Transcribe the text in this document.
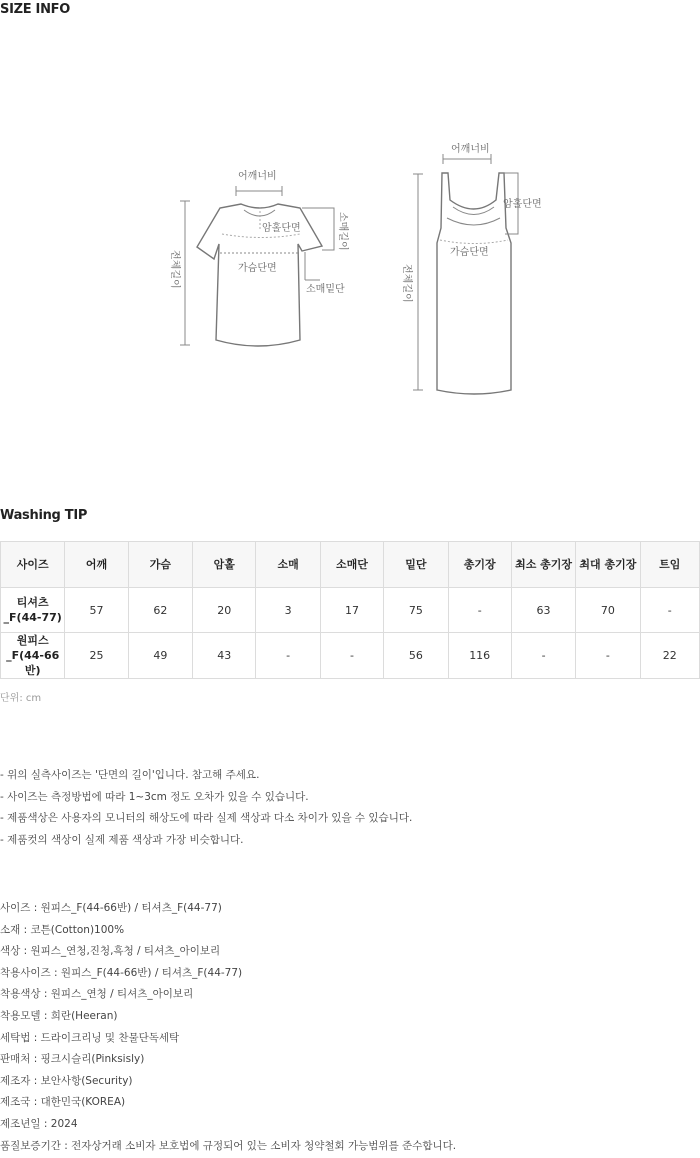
SIZE INFO
어깨너비
암홀단면
가슴단면
소매밑단
소매길이
전체길이
어깨너비
암홀단면
가슴단면
전체길이
Washing TIP
사이즈	어깨	가슴	암홀	소매	소매단	밑단	총기장	최소 총기장	최대 총기장	트임
티셔츠_F(44-77)	57	62	20	3	17	75	-	63	70	-
원피스_F(44-66반)	25	49	43	-	-	56	116	-	-	22
단위: cm
- 위의 실측사이즈는 '단면의 길이'입니다. 참고해 주세요.
- 사이즈는 측정방법에 따라 1~3cm 정도 오차가 있을 수 있습니다.
- 제품색상은 사용자의 모니터의 해상도에 따라 실제 색상과 다소 차이가 있을 수 있습니다.
- 제품컷의 색상이 실제 제품 색상과 가장 비슷합니다.
사이즈 : 원피스_F(44-66반) / 티셔츠_F(44-77)
소재 : 코튼(Cotton)100%
색상 : 원피스_연청,진청,흑청 / 티셔츠_아이보리
착용사이즈 : 원피스_F(44-66반) / 티셔츠_F(44-77)
착용색상 : 원피스_연청 / 티셔츠_아이보리
착용모델 : 희란(Heeran)
세탁법 : 드라이크리닝 및 찬물단독세탁
판매처 : 핑크시슬리(Pinksisly)
제조자 : 보안사항(Security)
제조국 : 대한민국(KOREA)
제조년일 : 2024
품질보증기간 : 전자상거래 소비자 보호법에 규정되어 있는 소비자 청약철회 가능범위를 준수합니다.
